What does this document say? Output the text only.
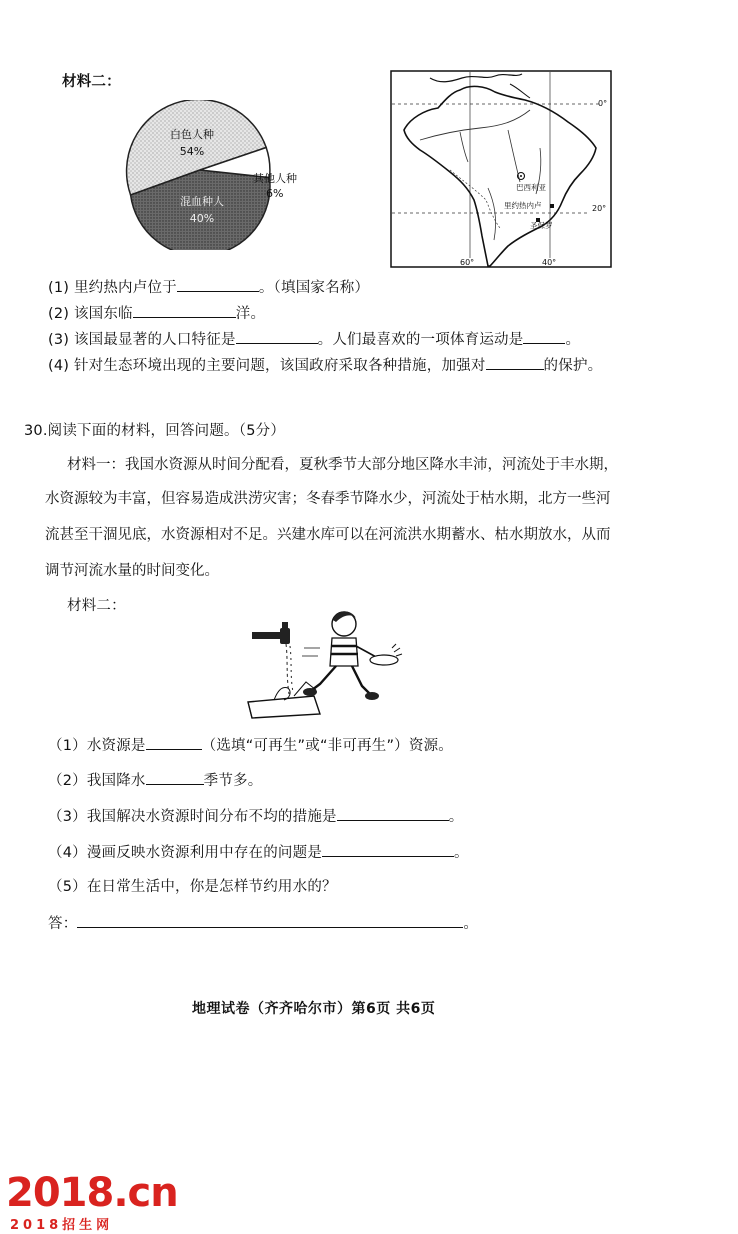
材料二：
白色人种
54%
混血种人
40%
其他人种
6%	巴西利亚
里约热内卢
圣保罗
0°
20°
60°	40°
(1) 里约热内卢位于	。（填国家名称）
(2) 该国东临	洋。
(3) 该国最显著的人口特征是	。人们最喜欢的一项体育运动是	。
(4) 针对生态环境出现的主要问题，该国政府采取各种措施，加强对	的保护。
30.阅读下面的材料，回答问题。（5分）
材料一：我国水资源从时间分配看，夏秋季节大部分地区降水丰沛，河流处于丰水期，
水资源较为丰富，但容易造成洪涝灾害；冬春季节降水少，河流处于枯水期，北方一些河
流甚至干涸见底，水资源相对不足。兴建水库可以在河流洪水期蓄水、枯水期放水，从而
调节河流水量的时间变化。
材料二：
（1）水资源是	（选填“可再生”或“非可再生”）资源。
（2）我国降水	季节多。
（3）我国解决水资源时间分布不均的措施是	。
（4）漫画反映水资源利用中存在的问题是	。
（5）在日常生活中，你是怎样节约用水的？
答：	。
地理试卷（齐齐哈尔市）第6页 共6页
2018.cn
2018招生网
